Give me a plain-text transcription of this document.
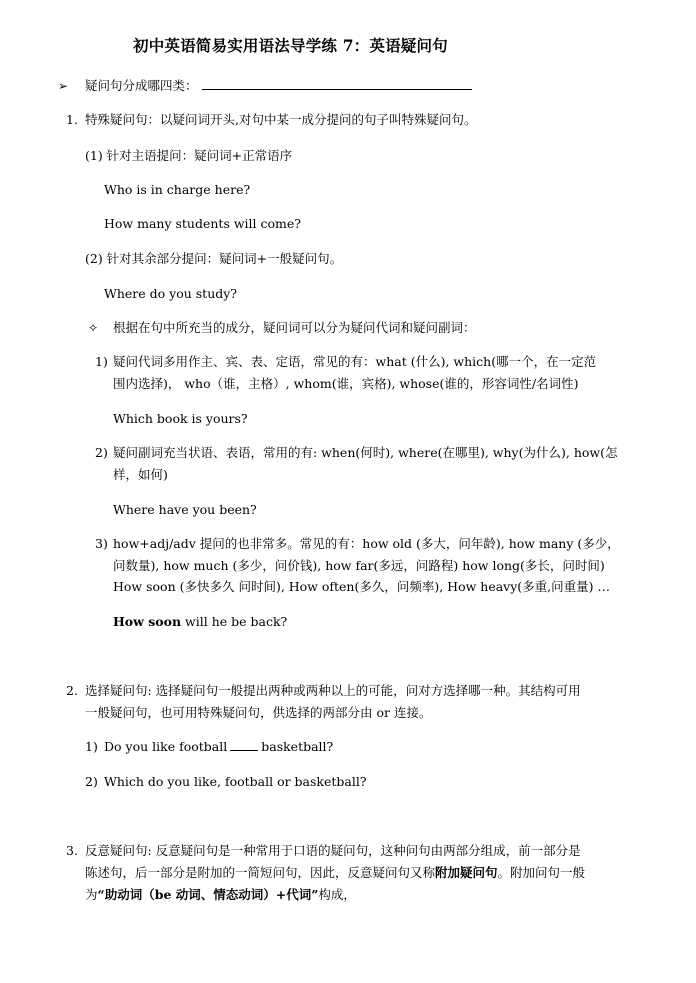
初中英语简易实用语法导学练 7：英语疑问句
➢ 疑问句分成哪四类：
1. 特殊疑问句：以疑问词开头,对句中某一成分提问的句子叫特殊疑问句。
(1) 针对主语提问：疑问词+正常语序
Who is in charge here?
How many students will come?
(2) 针对其余部分提问：疑问词+一般疑问句。
Where do you study?
✧ 根据在句中所充当的成分，疑问词可以分为疑问代词和疑问副词：
1) 疑问代词多用作主、宾、表、定语，常见的有：what (什么), which(哪一个，在一定范
围内选择)， who（谁，主格）, whom(谁，宾格), whose(谁的，形容词性/名词性)
Which book is yours?
2) 疑问副词充当状语、表语，常用的有: when(何时), where(在哪里), why(为什么), how(怎
样，如何)
Where have you been?
3) how+adj/adv 提问的也非常多。常见的有：how old (多大，问年龄), how many (多少，
问数量), how much (多少，问价钱), how far(多远，问路程) how long(多长，问时间)
How soon (多快多久 问时间), How often(多久，问频率), How heavy(多重,问重量) …
How soon will he be back?
2. 选择疑问句: 选择疑问句一般提出两种或两种以上的可能，问对方选择哪一种。其结构可用
一般疑问句，也可用特殊疑问句，供选择的两部分由 or 连接。
1) Do you like football	basketball?
2) Which do you like, football or basketball?
3. 反意疑问句: 反意疑问句是一种常用于口语的疑问句，这种问句由两部分组成，前一部分是
陈述句，后一部分是附加的一简短问句，因此，反意疑问句又称附加疑问句。附加问句一般
为“助动词（be 动词、情态动词）+代词”构成，
